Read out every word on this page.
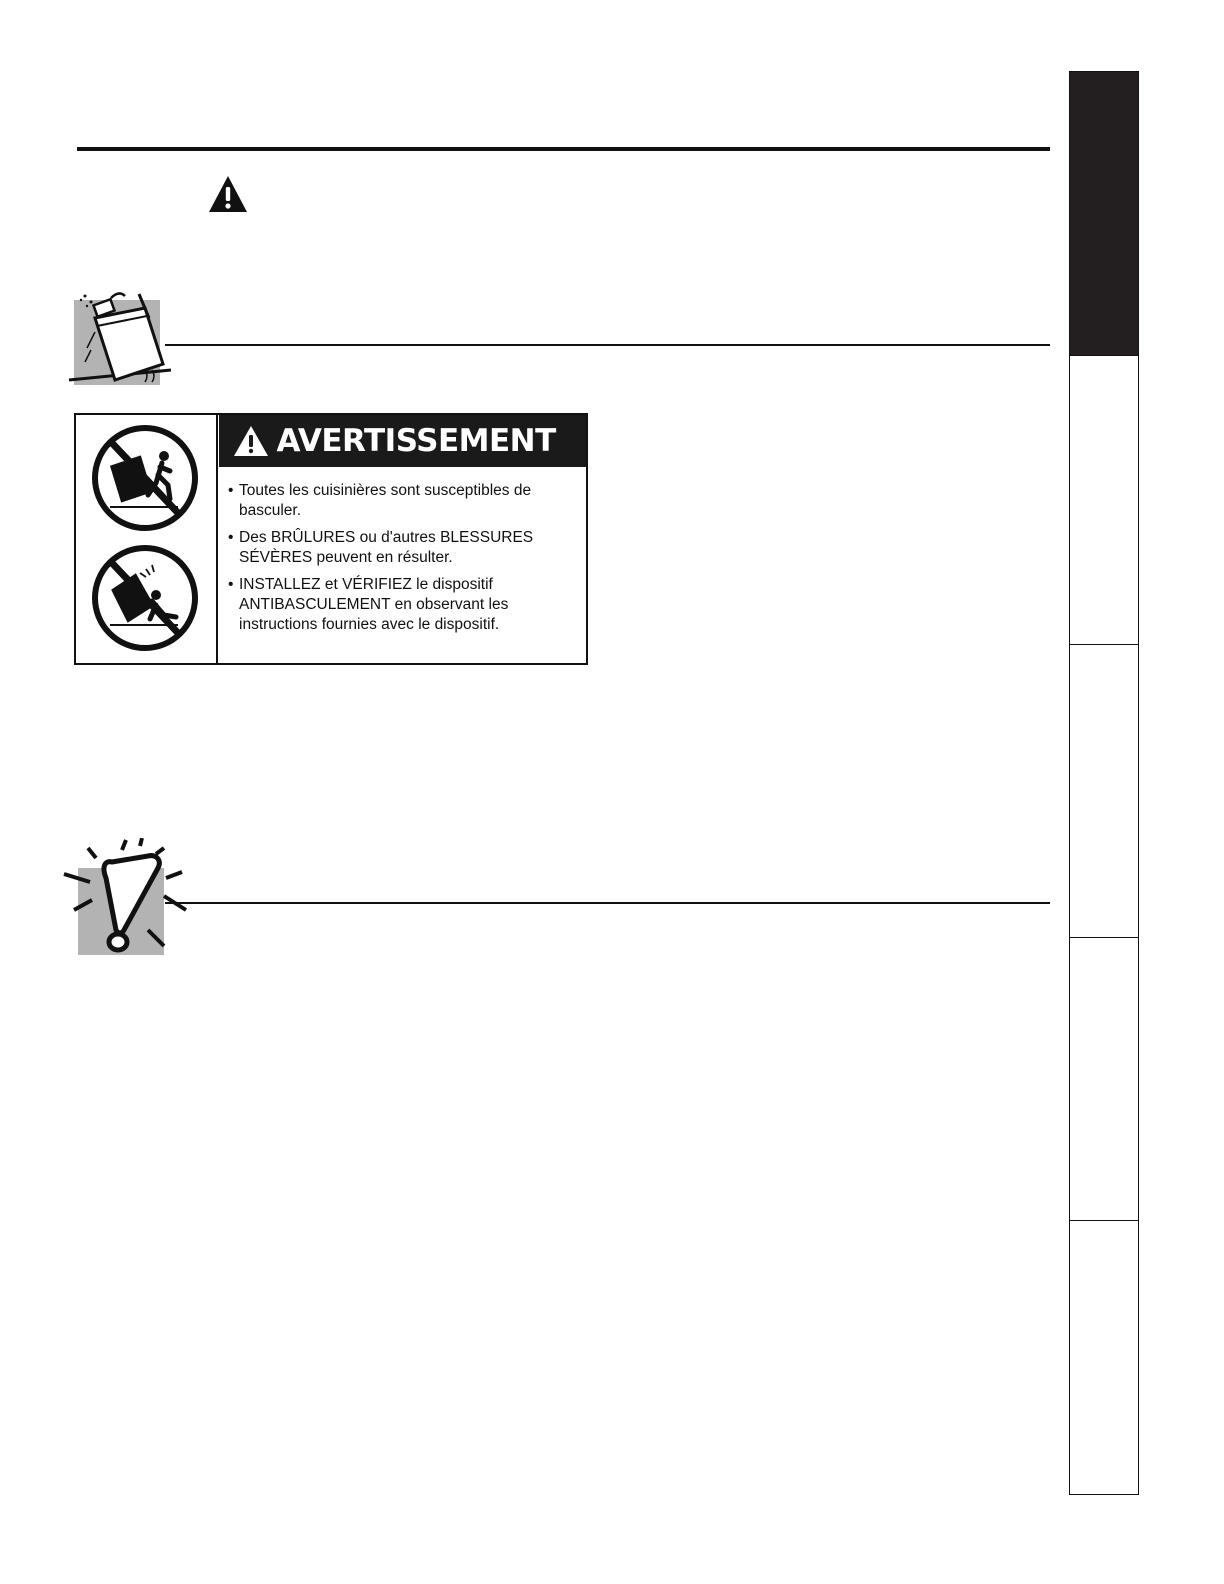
AVERTISSEMENT
• Toutes les cuisinières sont susceptibles de basculer.
• Des BRÛLURES ou d'autres BLESSURES SÉVÈRES peuvent en résulter.
• INSTALLEZ et VÉRIFIEZ le dispositif ANTIBASCULEMENT en observant les instructions fournies avec le dispositif.
